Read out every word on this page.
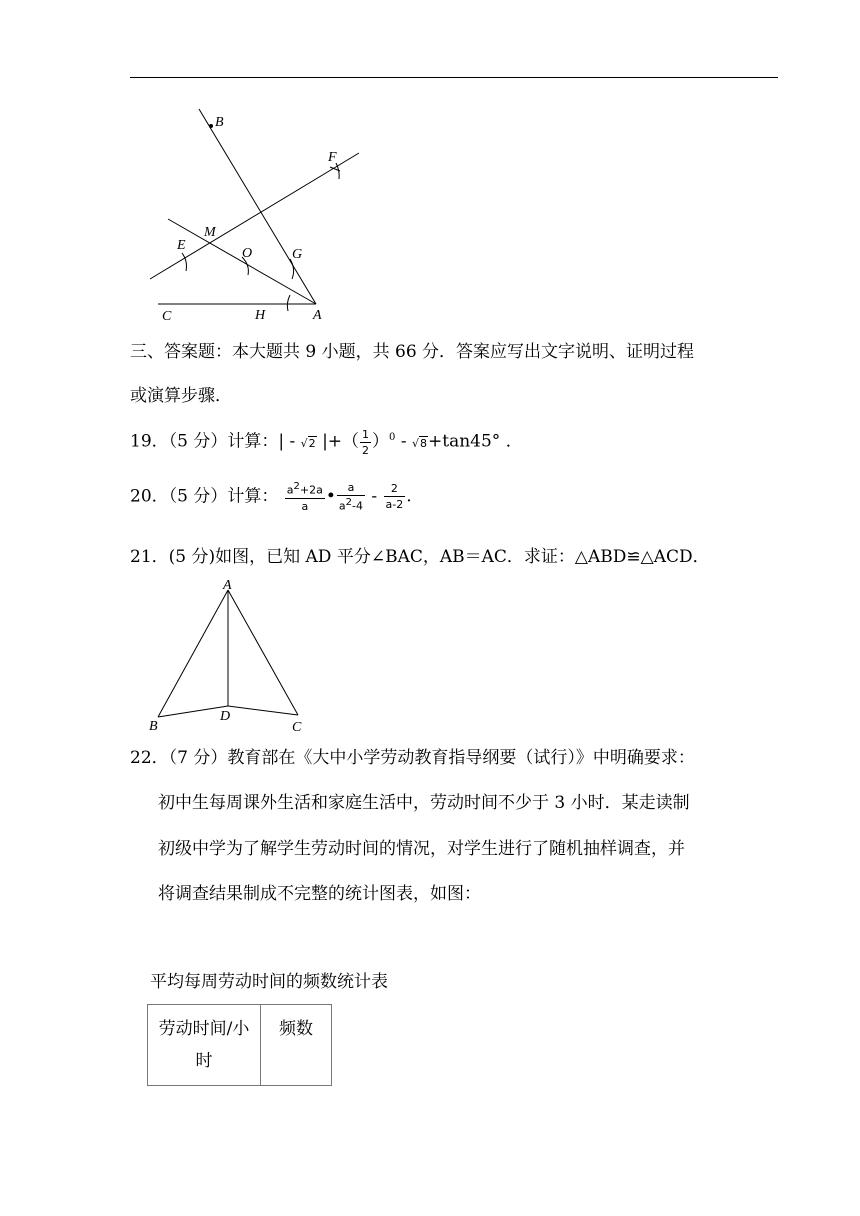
B
F
M
E
O	G
C	H	A
三、答案题：本大题共 9 小题，共 66 分．答案应写出文字说明、证明过程
或演算步骤．
19．（5 分）计算：| - √2 |+（ $\frac{1}{2} )^0 - √8+\tan 45^\circ$ ．
20．（5 分）计算： $\frac{a^2+2a}{a}$ • $\frac{a}{a^2-4} - \frac{2}{a-2}$ .
21．(5 分)如图，已知 AD 平分∠BAC，AB＝AC．求证：△ABD≌△ACD．
A
B
D
C
22．（7 分）教育部在《大中小学劳动教育指导纲要（试行）》中明确要求：
初中生每周课外生活和家庭生活中，劳动时间不少于 3 小时．某走读制
初级中学为了解学生劳动时间的情况，对学生进行了随机抽样调查，并
将调查结果制成不完整的统计图表，如图：
平均每周劳动时间的频数统计表
劳动时间/小
时	频数
